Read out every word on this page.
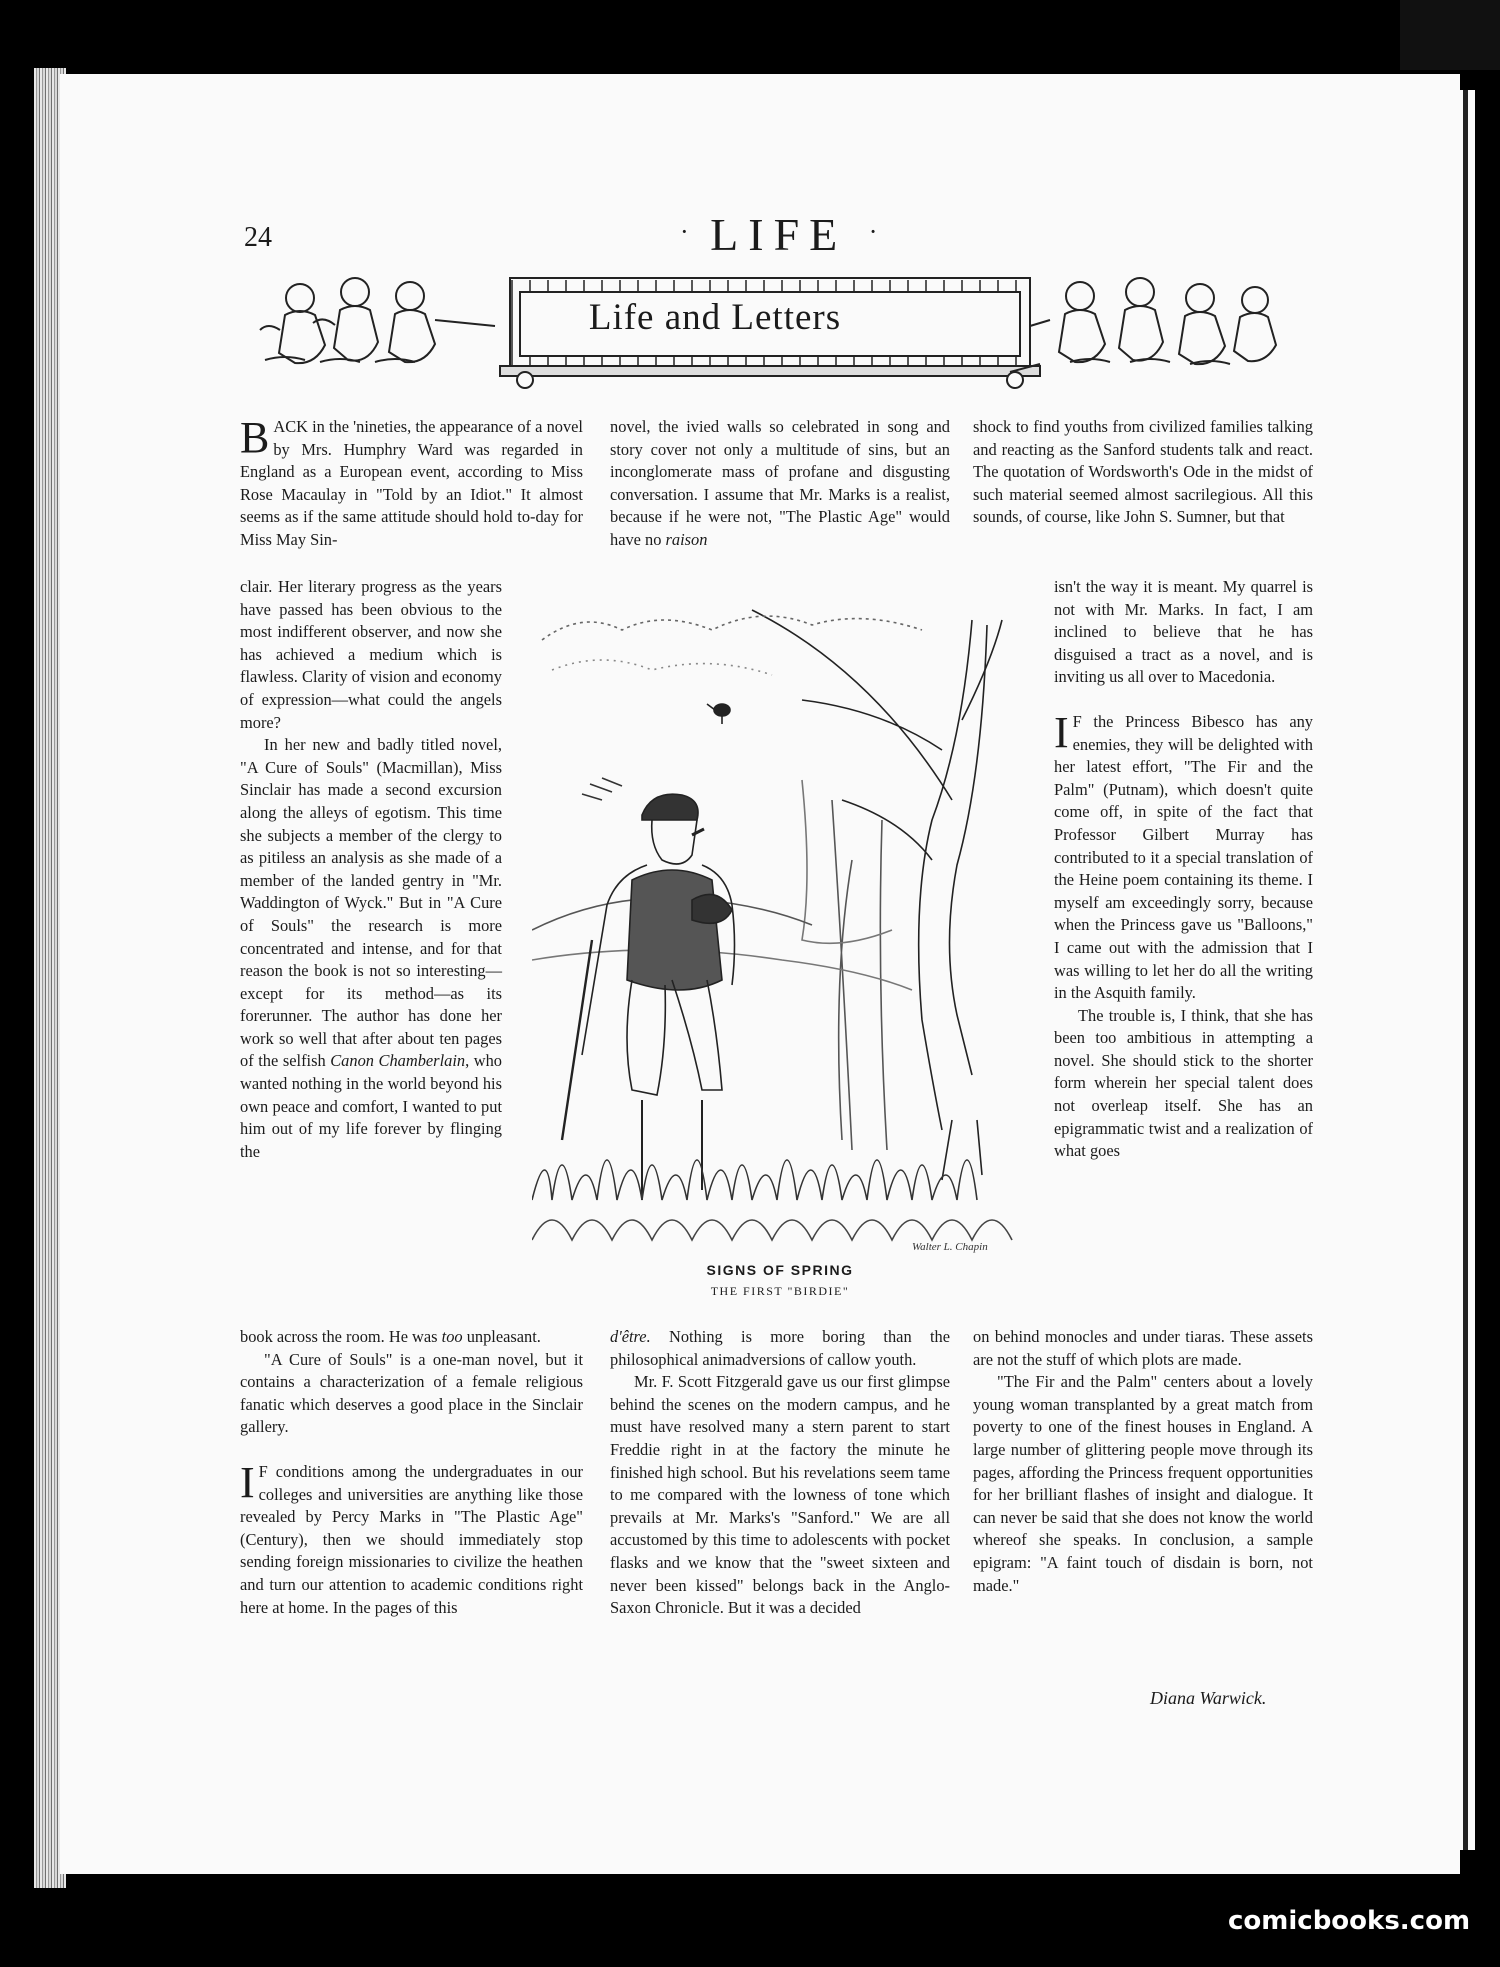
24	· LIFE ·
Life and Letters

BACK in the 'nineties, the appearance of a novel by Mrs. Humphry Ward was regarded in England as a European event, according to Miss Rose Macaulay in "Told by an Idiot." It almost seems as if the same attitude should hold to-day for Miss May Sin-

clair. Her literary progress as the years have passed has been obvious to the most indifferent observer, and now she has achieved a medium which is flawless. Clarity of vision and economy of expression—what could the angels more?

In her new and badly titled novel, "A Cure of Souls" (Macmillan), Miss Sinclair has made a second excursion along the alleys of egotism. This time she subjects a member of the clergy to as pitiless an analysis as she made of a member of the landed gentry in "Mr. Waddington of Wyck." But in "A Cure of Souls" the research is more concentrated and intense, and for that reason the book is not so interesting—except for its method—as its forerunner. The author has done her work so well that after about ten pages of the selfish Canon Chamberlain, who wanted nothing in the world beyond his own peace and comfort, I wanted to put him out of my life forever by flinging the

book across the room. He was too unpleasant.

"A Cure of Souls" is a one-man novel, but it contains a characterization of a female religious fanatic which deserves a good place in the Sinclair gallery.

I F conditions among the undergraduates in our colleges and universities are anything like those revealed by Percy Marks in "The Plastic Age" (Century), then we should immediately stop sending foreign missionaries to civilize the heathen and turn our attention to academic conditions right here at home. In the pages of this

novel, the ivied walls so celebrated in song and story cover not only a multitude of sins, but an inconglomerate mass of profane and disgusting conversation. I assume that Mr. Marks is a realist, because if he were not, "The Plastic Age" would have no raison

d'être. Nothing is more boring than the philosophical animadversions of callow youth.

Mr. F. Scott Fitzgerald gave us our first glimpse behind the scenes on the modern campus, and he must have resolved many a stern parent to start Freddie right in at the factory the minute he finished high school. But his revelations seem tame to me compared with the lowness of tone which prevails at Mr. Marks's "Sanford." We are all accustomed by this time to adolescents with pocket flasks and we know that the "sweet sixteen and never been kissed" belongs back in the Anglo-Saxon Chronicle. But it was a decided

shock to find youths from civilized families talking and reacting as the Sanford students talk and react. The quotation of Wordsworth's Ode in the midst of such material seemed almost sacrilegious. All this sounds, of course, like John S. Sumner, but that

isn't the way it is meant. My quarrel is not with Mr. Marks. In fact, I am inclined to believe that he has disguised a tract as a novel, and is inviting us all over to Macedonia.

I F the Princess Bibesco has any enemies, they will be delighted with her latest effort, "The Fir and the Palm" (Putnam), which doesn't quite come off, in spite of the fact that Professor Gilbert Murray has contributed to it a special translation of the Heine poem containing its theme. I myself am exceedingly sorry, because when the Princess gave us "Balloons," I came out with the admission that I was willing to let her do all the writing in the Asquith family.

The trouble is, I think, that she has been too ambitious in attempting a novel. She should stick to the shorter form wherein her special talent does not overleap itself. She has an epigrammatic twist and a realization of what goes

on behind monocles and under tiaras. These assets are not the stuff of which plots are made.

"The Fir and the Palm" centers about a lovely young woman transplanted by a great match from poverty to one of the finest houses in England. A large number of glittering people move through its pages, affording the Princess frequent opportunities for her brilliant flashes of insight and dialogue. It can never be said that she does not know the world whereof she speaks. In conclusion, a sample epigram: "A faint touch of disdain is born, not made."

Walter L. Chapin
SIGNS OF SPRING
THE FIRST "BIRDIE"
Diana Warwick.
comicbooks.com
